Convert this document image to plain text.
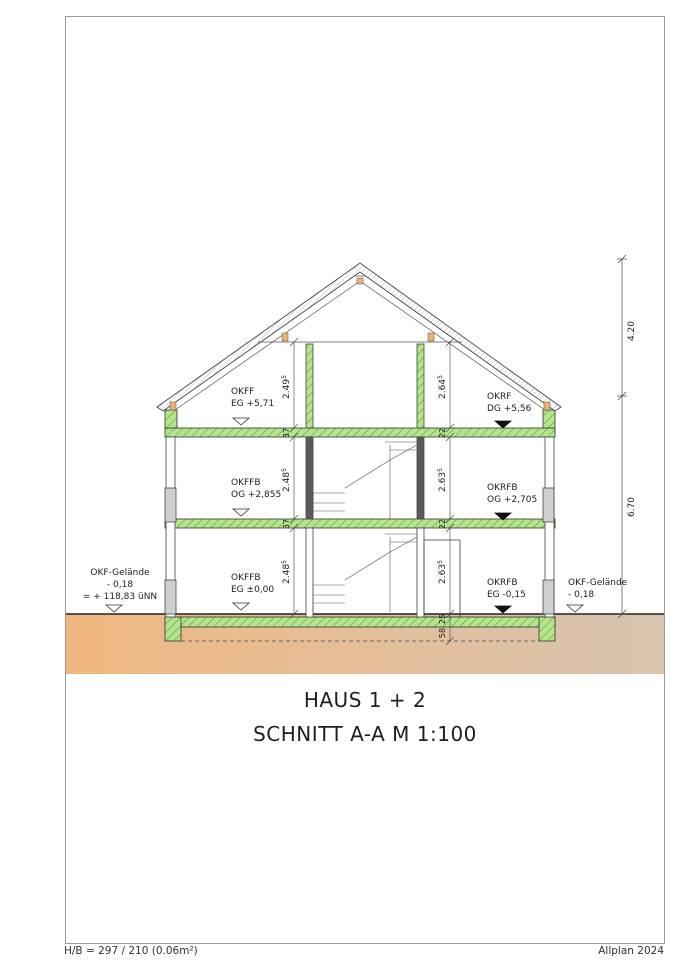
4.20
6.70
2.49$^5$
2.48$^5$
2.48$^5$
37
37
2.64$^5$
2.63$^5$
2.63$^5$
22
22
25
58
OKFF
EG +5,71
OKFFB
OG +2,855
OKFFB
EG ±0,00
OKRF
DG +5,56
OKRFB
OG +2,705
OKRFB
EG -0,15
OKF-Gelände
- 0,18
= + 118,83 üNN
OKF-Gelände
- 0,18
HAUS 1 + 2
SCHNITT A-A M 1:100
H/B = 297 / 210 (0.06m²)	Allplan 2024
